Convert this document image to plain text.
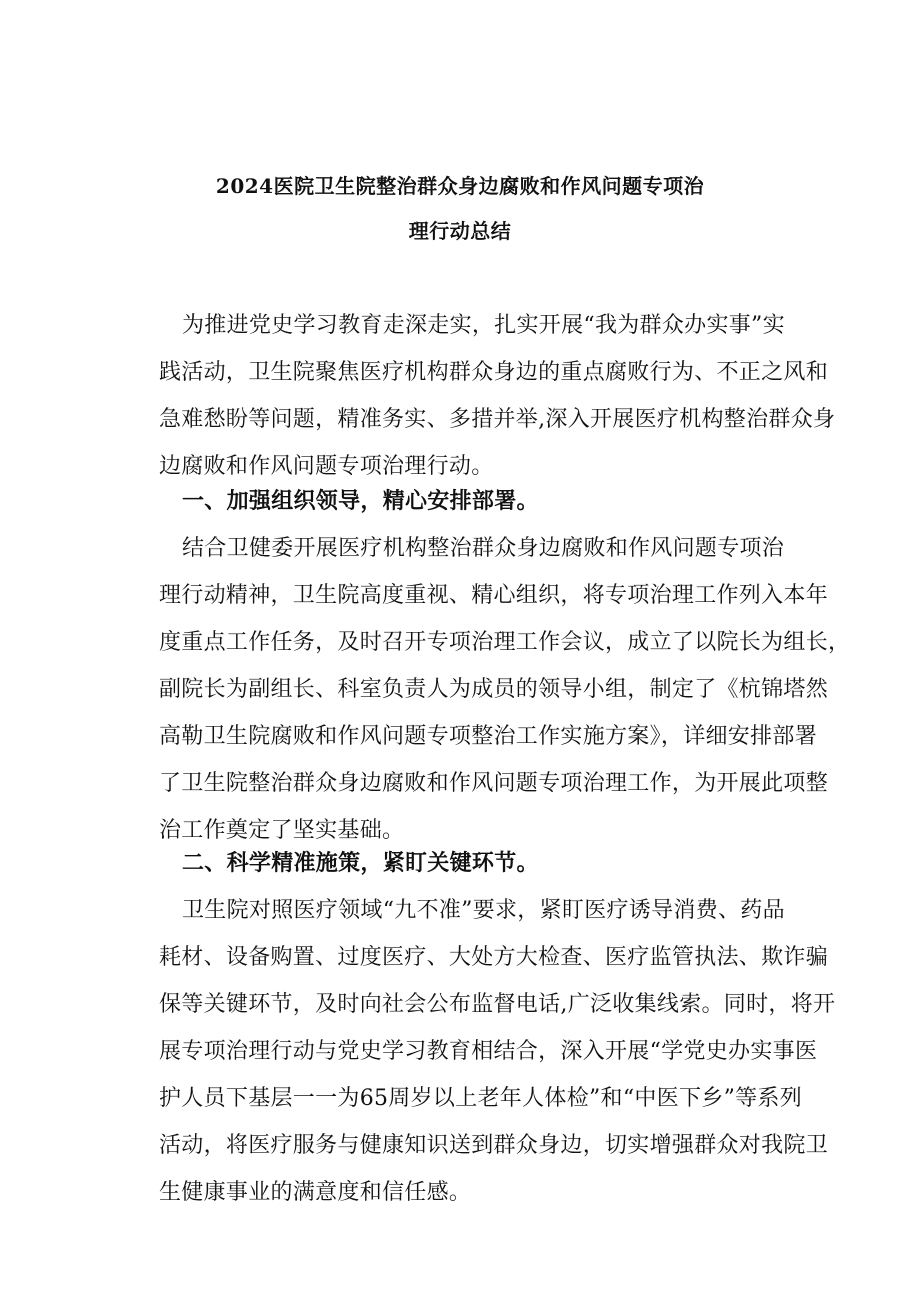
2024医院卫生院整治群众身边腐败和作风问题专项治
理行动总结
为推进党史学习教育走深走实，扎实开展“我为群众办实事”实
践活动，卫生院聚焦医疗机构群众身边的重点腐败行为、不正之风和
急难愁盼等问题，精准务实、多措并举,深入开展医疗机构整治群众身
边腐败和作风问题专项治理行动。
一、加强组织领导，精心安排部署。
结合卫健委开展医疗机构整治群众身边腐败和作风问题专项治
理行动精神，卫生院高度重视、精心组织，将专项治理工作列入本年
度重点工作任务，及时召开专项治理工作会议，成立了以院长为组长，
副院长为副组长、科室负责人为成员的领导小组，制定了《杭锦塔然
高勒卫生院腐败和作风问题专项整治工作实施方案》，详细安排部署
了卫生院整治群众身边腐败和作风问题专项治理工作，为开展此项整
治工作奠定了坚实基础。
二、科学精准施策，紧盯关键环节。
卫生院对照医疗领域“九不准”要求，紧盯医疗诱导消费、药品
耗材、设备购置、过度医疗、大处方大检查、医疗监管执法、欺诈骗
保等关键环节，及时向社会公布监督电话,广泛收集线索。同时，将开
展专项治理行动与党史学习教育相结合，深入开展“学党史办实事医
护人员下基层一一为65周岁以上老年人体检”和“中医下乡”等系列
活动，将医疗服务与健康知识送到群众身边，切实增强群众对我院卫
生健康事业的满意度和信任感。
